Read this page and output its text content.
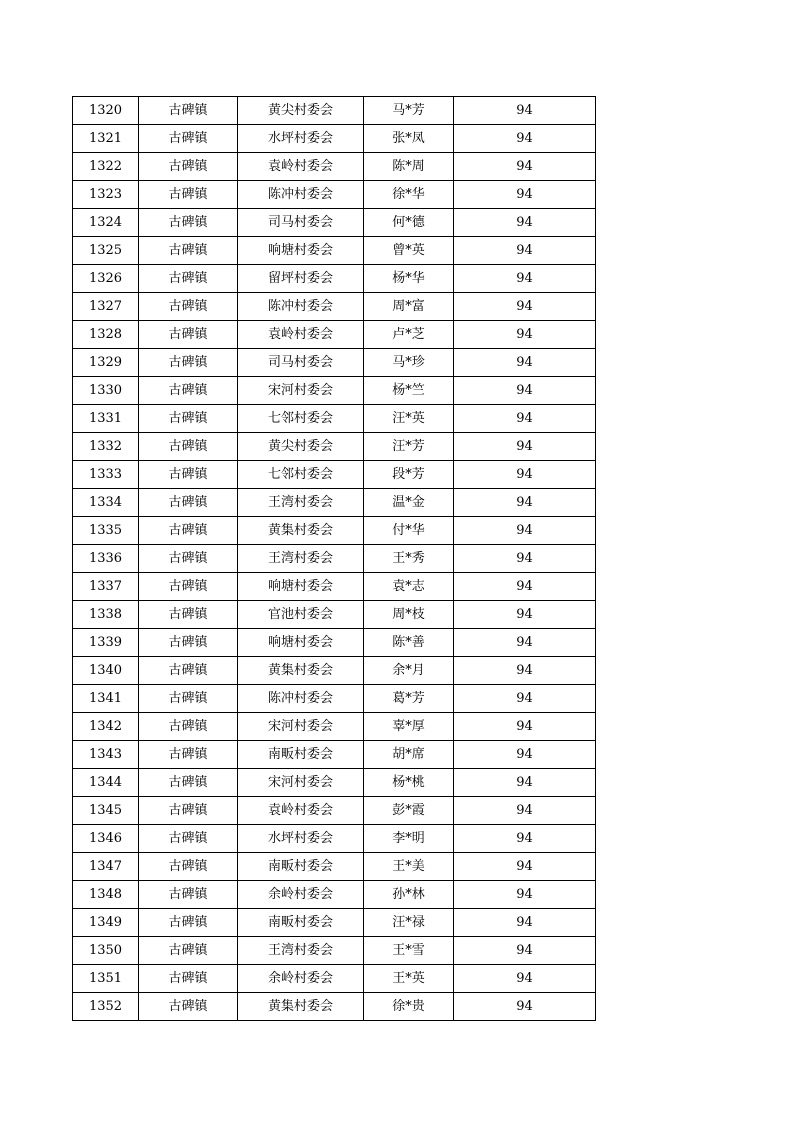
1320	古碑镇	黄尖村委会	马*芳	94
1321	古碑镇	水坪村委会	张*凤	94
1322	古碑镇	袁岭村委会	陈*周	94
1323	古碑镇	陈冲村委会	徐*华	94
1324	古碑镇	司马村委会	何*德	94
1325	古碑镇	响塘村委会	曾*英	94
1326	古碑镇	留坪村委会	杨*华	94
1327	古碑镇	陈冲村委会	周*富	94
1328	古碑镇	袁岭村委会	卢*芝	94
1329	古碑镇	司马村委会	马*珍	94
1330	古碑镇	宋河村委会	杨*竺	94
1331	古碑镇	七邻村委会	汪*英	94
1332	古碑镇	黄尖村委会	汪*芳	94
1333	古碑镇	七邻村委会	段*芳	94
1334	古碑镇	王湾村委会	温*金	94
1335	古碑镇	黄集村委会	付*华	94
1336	古碑镇	王湾村委会	王*秀	94
1337	古碑镇	响塘村委会	袁*志	94
1338	古碑镇	官池村委会	周*枝	94
1339	古碑镇	响塘村委会	陈*善	94
1340	古碑镇	黄集村委会	余*月	94
1341	古碑镇	陈冲村委会	葛*芳	94
1342	古碑镇	宋河村委会	辜*厚	94
1343	古碑镇	南畈村委会	胡*席	94
1344	古碑镇	宋河村委会	杨*桃	94
1345	古碑镇	袁岭村委会	彭*霞	94
1346	古碑镇	水坪村委会	李*明	94
1347	古碑镇	南畈村委会	王*美	94
1348	古碑镇	余岭村委会	孙*林	94
1349	古碑镇	南畈村委会	汪*禄	94
1350	古碑镇	王湾村委会	王*雪	94
1351	古碑镇	余岭村委会	王*英	94
1352	古碑镇	黄集村委会	徐*贵	94
